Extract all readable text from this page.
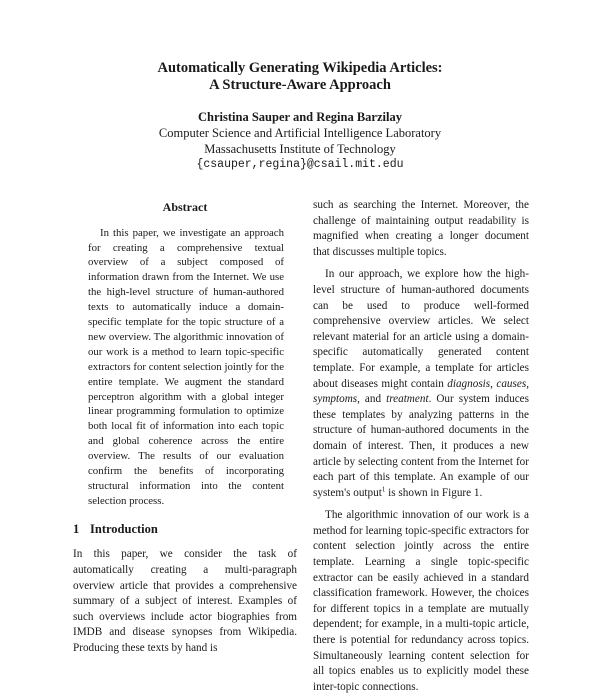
Automatically Generating Wikipedia Articles:
A Structure-Aware Approach
Christina Sauper and Regina Barzilay
Computer Science and Artificial Intelligence Laboratory
Massachusetts Institute of Technology
{csauper,regina}@csail.mit.edu
Abstract

In this paper, we investigate an approach for creating a comprehensive textual overview of a subject composed of information drawn from the Internet. We use the high-level structure of human-authored texts to automatically induce a domain-specific template for the topic structure of a new overview. The algorithmic innovation of our work is a method to learn topic-specific extractors for content selection jointly for the entire template. We augment the standard perceptron algorithm with a global integer linear programming formulation to optimize both local fit of information into each topic and global coherence across the entire overview. The results of our evaluation confirm the benefits of incorporating structural information into the content selection process.

1 Introduction

In this paper, we consider the task of automatically creating a multi-paragraph overview article that provides a comprehensive summary of a subject of interest. Examples of such overviews include actor biographies from IMDB and disease synopses from Wikipedia. Producing these texts by hand is

such as searching the Internet. Moreover, the challenge of maintaining output readability is magnified when creating a longer document that discusses multiple topics.

In our approach, we explore how the high-level structure of human-authored documents can be used to produce well-formed comprehensive overview articles. We select relevant material for an article using a domain-specific automatically generated content template. For example, a template for articles about diseases might contain diagnosis, causes, symptoms, and treatment. Our system induces these templates by analyzing patterns in the structure of human-authored documents in the domain of interest. Then, it produces a new article by selecting content from the Internet for each part of this template. An example of our system's output$^1$ is shown in Figure 1.

The algorithmic innovation of our work is a method for learning topic-specific extractors for content selection jointly across the entire template. Learning a single topic-specific extractor can be easily achieved in a standard classification framework. However, the choices for different topics in a template are mutually dependent; for example, in a multi-topic article, there is potential for redundancy across topics. Simultaneously learning content selection for all topics enables us to explicitly model these inter-topic connections.
